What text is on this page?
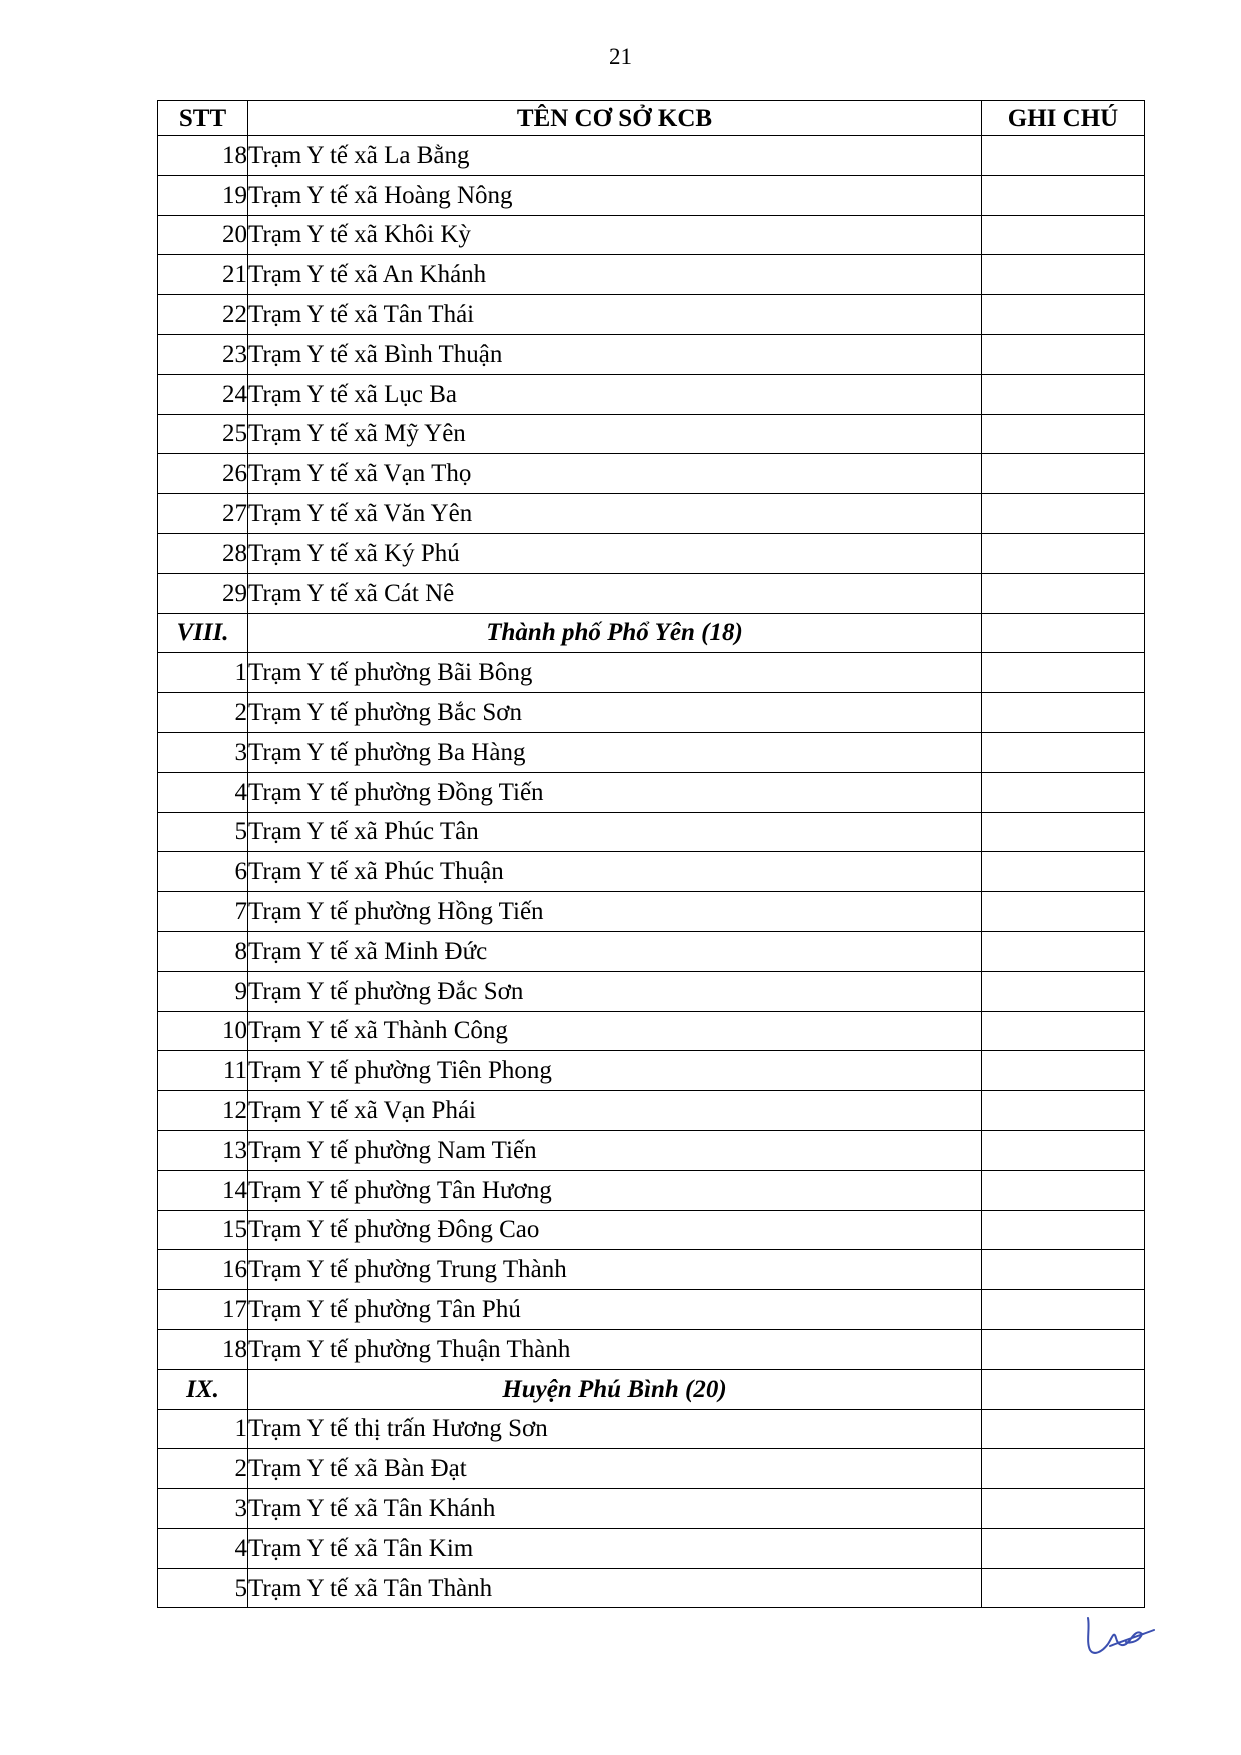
21
STT	TÊN CƠ SỞ KCB	GHI CHÚ
18	Trạm Y tế xã La Bằng	
19	Trạm Y tế xã Hoàng Nông	
20	Trạm Y tế xã Khôi Kỳ	
21	Trạm Y tế xã An Khánh	
22	Trạm Y tế xã Tân Thái	
23	Trạm Y tế xã Bình Thuận	
24	Trạm Y tế xã Lục Ba	
25	Trạm Y tế xã Mỹ Yên	
26	Trạm Y tế xã Vạn Thọ	
27	Trạm Y tế xã Văn Yên	
28	Trạm Y tế xã Ký Phú	
29	Trạm Y tế xã Cát Nê	
VIII.	Thành phố Phổ Yên (18)	
1	Trạm Y tế phường Bãi Bông	
2	Trạm Y tế phường Bắc Sơn	
3	Trạm Y tế phường Ba Hàng	
4	Trạm Y tế phường Đồng Tiến	
5	Trạm Y tế xã Phúc Tân	
6	Trạm Y tế xã Phúc Thuận	
7	Trạm Y tế phường Hồng Tiến	
8	Trạm Y tế xã Minh Đức	
9	Trạm Y tế phường Đắc Sơn	
10	Trạm Y tế xã Thành Công	
11	Trạm Y tế phường Tiên Phong	
12	Trạm Y tế xã Vạn Phái	
13	Trạm Y tế phường Nam Tiến	
14	Trạm Y tế phường Tân Hương	
15	Trạm Y tế phường Đông Cao	
16	Trạm Y tế phường Trung Thành	
17	Trạm Y tế phường Tân Phú	
18	Trạm Y tế phường Thuận Thành	
IX.	Huyện Phú Bình (20)	
1	Trạm Y tế thị trấn Hương Sơn	
2	Trạm Y tế xã Bàn Đạt	
3	Trạm Y tế xã Tân Khánh	
4	Trạm Y tế xã Tân Kim	
5	Trạm Y tế xã Tân Thành	
